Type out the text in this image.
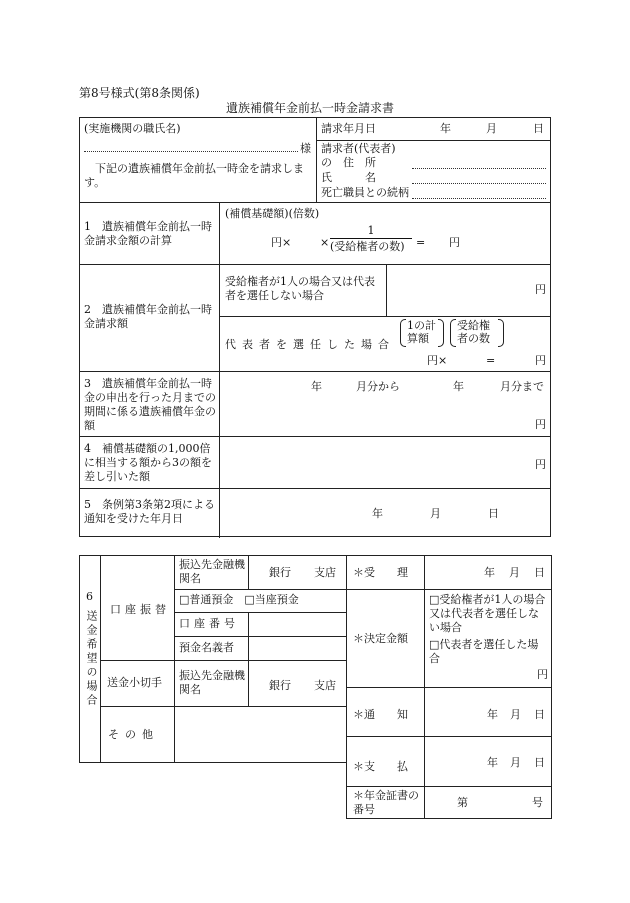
第8号様式(第8条関係)
遺族補償年金前払一時金請求書
(実施機関の職氏名)
様
下記の遺族補償年金前払一時金を請求します。
請求年月日	年	月	日
請求者(代表者)
の　住　所
氏　　　名
死亡職員との続柄
1　遺族補償年金前払一時金請求金額の計算
(補償基礎額)(倍数)
円×	×
1
(受給権者の数) = 円
2　遺族補償年金前払一時金請求額
受給権者が1人の場合又は代表者を選任しない場合	円
代表者を選任した場合
1の計
算額
受給権
者の数
円×	=	円
3　遺族補償年金前払一時金の申出を行った月までの期間に係る遺族補償年金の額
年	月分から	年	月分まで
円
4　補償基礎額の1,000倍に相当する額から3の額を差し引いた額
円
5　条例第3条第2項による通知を受けた年月日	年	月	日
6
送金希望の場合
口座振替
振込先金融機関名	銀行 支店
□普通預金　□当座預金
口座番号
預金名義者
送金小切手
振込先金融機関名	銀行 支店
その他
＊受　　理	年 月 日
＊決定金額
□受給権者が1人の場合又は代表者を選任しない場合
□代表者を選任した場合
円
＊通　　知	年 月 日
＊支　　払	年 月 日
＊年金証書の番号
第	号
